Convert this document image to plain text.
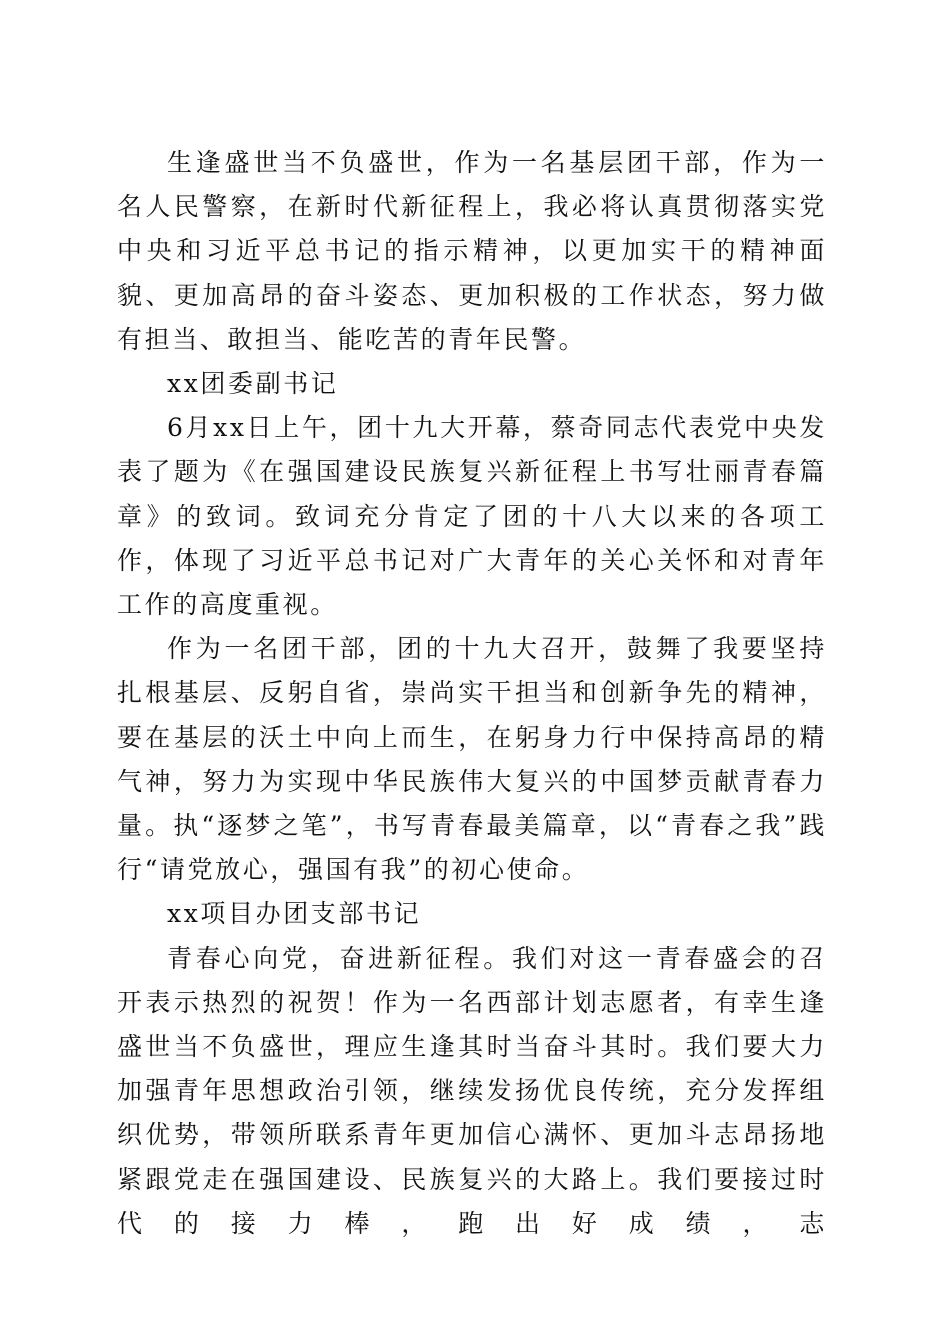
生逢盛世当不负盛世，作为一名基层团干部，作为一名人民警察，在新时代新征程上，我必将认真贯彻落实党中央和习近平总书记的指示精神，以更加实干的精神面貌、更加高昂的奋斗姿态、更加积极的工作状态，努力做有担当、敢担当、能吃苦的青年民警。

xx团委副书记

6月xx日上午，团十九大开幕，蔡奇同志代表党中央发表了题为《在强国建设民族复兴新征程上书写壮丽青春篇章》的致词。致词充分肯定了团的十八大以来的各项工作，体现了习近平总书记对广大青年的关心关怀和对青年工作的高度重视。

作为一名团干部，团的十九大召开，鼓舞了我要坚持扎根基层、反躬自省，崇尚实干担当和创新争先的精神，要在基层的沃土中向上而生，在躬身力行中保持高昂的精气神，努力为实现中华民族伟大复兴的中国梦贡献青春力量。执“逐梦之笔”，书写青春最美篇章，以“青春之我”践行“请党放心，强国有我”的初心使命。

xx项目办团支部书记

青春心向党，奋进新征程。我们对这一青春盛会的召开表示热烈的祝贺！作为一名西部计划志愿者，有幸生逢盛世当不负盛世，理应生逢其时当奋斗其时。我们要大力加强青年思想政治引领，继续发扬优良传统，充分发挥组织优势，带领所联系青年更加信心满怀、更加斗志昂扬地紧跟党走在强国建设、民族复兴的大路上。我们要接过时代的接力棒，跑出好成绩，志
